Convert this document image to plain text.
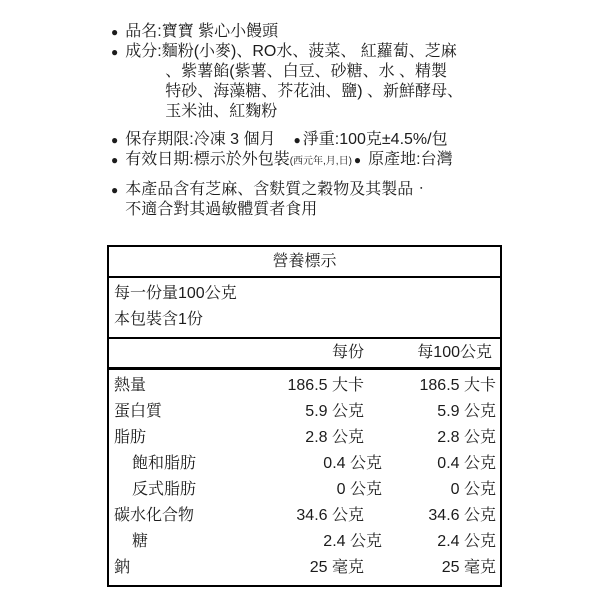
● 品名:寶寶 紫心小饅頭
● 成分:麵粉(小麥)、RO水、菠菜、 紅蘿蔔、芝麻
、紫薯餡(紫薯、白豆、砂糖、水 、精製
特砂、海藻糖、芥花油、鹽) 、新鮮酵母、
玉米油、紅麴粉
● 保存期限:冷凍 3 個月 ● 淨重:100克±4.5%/包
● 有效日期:標示於外包裝 (西元年,月,日) ● 原產地:台灣
● 本產品含有芝麻、含麩質之穀物及其製品‧
不適合對其過敏體質者食用
營養標示
每一份量100公克
本包裝含1份
每份	每100公克
熱量	186.5 大卡	186.5 大卡
蛋白質	5.9 公克	5.9 公克
脂肪	2.8 公克	2.8 公克
飽和脂肪	0.4 公克	0.4 公克
反式脂肪	0 公克	0 公克
碳水化合物	34.6 公克	34.6 公克
糖	2.4 公克	2.4 公克
鈉	25 毫克	25 毫克
